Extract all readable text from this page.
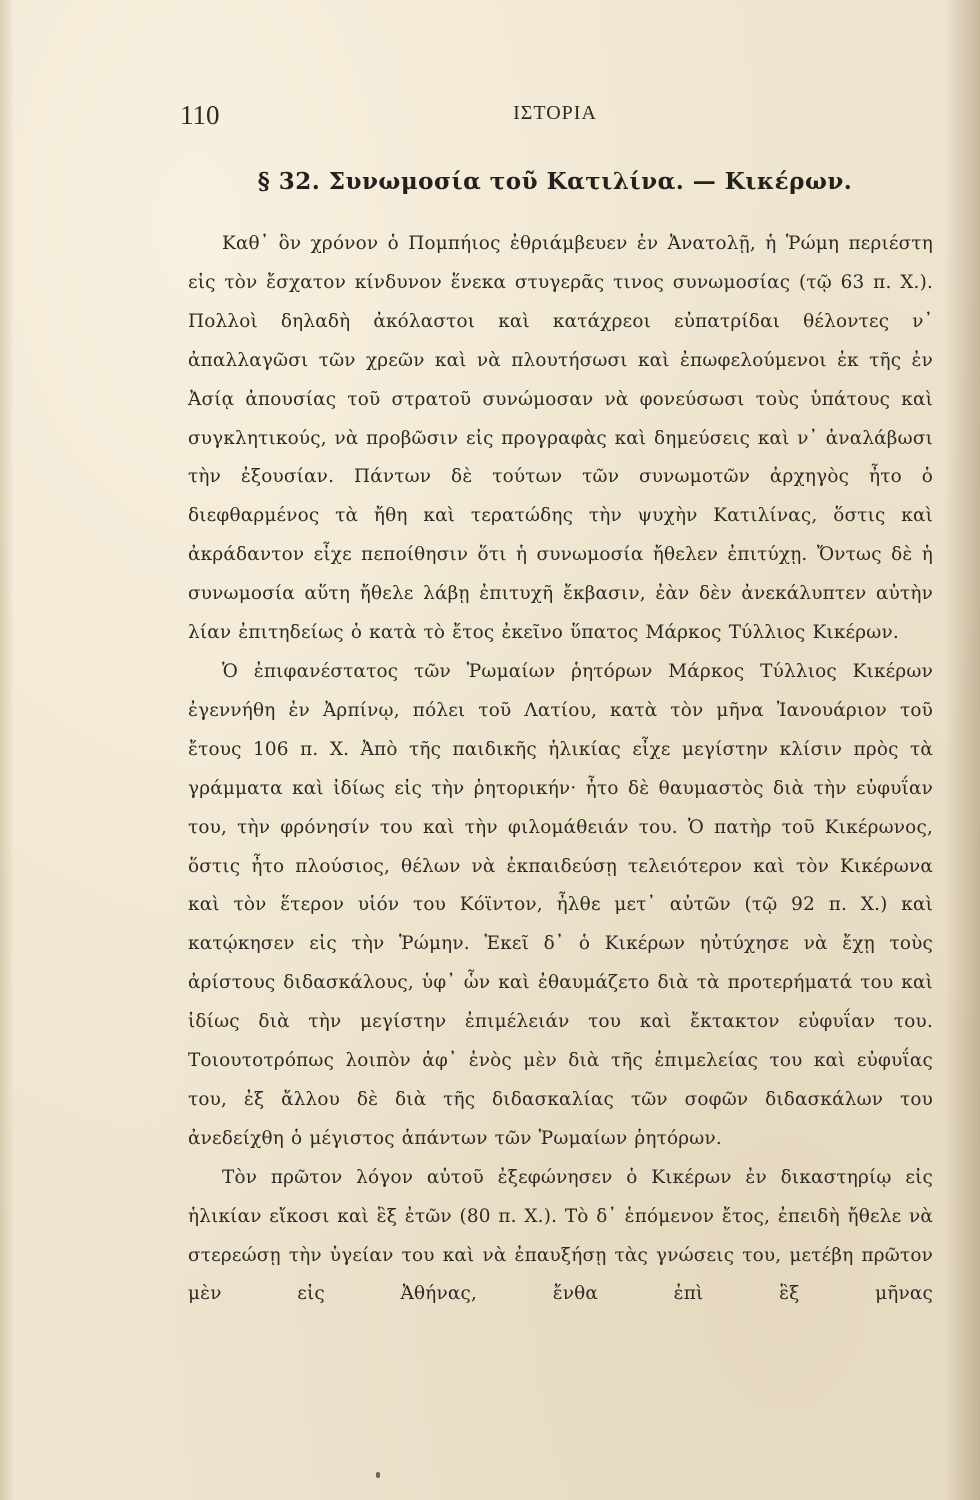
110	ΙΣΤΟΡΙΑ
§ 32. Συνωμοσία τοῦ Κατιλίνα. — Κικέρων.

Καθ᾽ ὃν χρόνον ὁ Πομπήιος ἐθριάμβευεν ἐν Ἀνατολῇ, ἡ Ῥώμη περιέστη εἰς τὸν ἔσχατον κίνδυνον ἕνεκα στυγερᾶς τινος συνωμοσίας (τῷ 63 π. Χ.). Πολλοὶ δηλαδὴ ἀκόλαστοι καὶ κατάχρεοι εὐπατρίδαι θέλοντες ν᾽ ἀπαλλαγῶσι τῶν χρεῶν καὶ νὰ πλουτήσωσι καὶ ἐπωφελούμενοι ἐκ τῆς ἐν Ἀσίᾳ ἀπουσίας τοῦ στρατοῦ συνώμοσαν νὰ φονεύσωσι τοὺς ὑπάτους καὶ συγκλητικούς, νὰ προβῶσιν εἰς προγραφὰς καὶ δημεύσεις καὶ ν᾽ ἀναλάβωσι τὴν ἐξουσίαν. Πάντων δὲ τούτων τῶν συνωμοτῶν ἀρχηγὸς ἦτο ὁ διεφθαρμένος τὰ ἤθη καὶ τερατώδης τὴν ψυχὴν Κατιλίνας, ὅστις καὶ ἀκράδαντον εἶχε πεποίθησιν ὅτι ἡ συνωμοσία ἤθελεν ἐπιτύχῃ. Ὄντως δὲ ἡ συνωμοσία αὕτη ἤθελε λάβῃ ἐπιτυχῆ ἔκβασιν, ἐὰν δὲν ἀνεκάλυπτεν αὐτὴν λίαν ἐπιτηδείως ὁ κατὰ τὸ ἔτος ἐκεῖνο ὕπατος Μάρκος Τύλλιος Κικέρων.

Ὁ ἐπιφανέστατος τῶν Ῥωμαίων ῥητόρων Μάρκος Τύλλιος Κικέρων ἐγεννήθη ἐν Ἀρπίνῳ, πόλει τοῦ Λατίου, κατὰ τὸν μῆνα Ἰανουάριον τοῦ ἔτους 106 π. Χ. Ἀπὸ τῆς παιδικῆς ἡλικίας εἶχε μεγίστην κλίσιν πρὸς τὰ γράμματα καὶ ἰδίως εἰς τὴν ῥητορικήν· ἦτο δὲ θαυμαστὸς διὰ τὴν εὐφυΐαν του, τὴν φρόνησίν του καὶ τὴν φιλομάθειάν του. Ὁ πατὴρ τοῦ Κικέρωνος, ὅστις ἦτο πλούσιος, θέλων νὰ ἐκπαιδεύσῃ τελειότερον καὶ τὸν Κικέρωνα καὶ τὸν ἕτερον υἱόν του Κόϊντον, ἦλθε μετ᾽ αὐτῶν (τῷ 92 π. Χ.) καὶ κατῴκησεν εἰς τὴν Ῥώμην. Ἐκεῖ δ᾽ ὁ Κικέρων ηὐτύχησε νὰ ἔχῃ τοὺς ἀρίστους διδασκάλους, ὑφ᾽ ὧν καὶ ἐθαυμάζετο διὰ τὰ προτερήματά του καὶ ἰδίως διὰ τὴν μεγίστην ἐπιμέλειάν του καὶ ἔκτακτον εὐφυΐαν του. Τοιουτοτρόπως λοιπὸν ἀφ᾽ ἑνὸς μὲν διὰ τῆς ἐπιμελείας του καὶ εὐφυΐας του, ἐξ ἄλλου δὲ διὰ τῆς διδασκαλίας τῶν σοφῶν διδασκάλων του ἀνεδείχθη ὁ μέγιστος ἁπάντων τῶν Ῥωμαίων ῥητόρων.

Τὸν πρῶτον λόγον αὐτοῦ ἐξεφώνησεν ὁ Κικέρων ἐν δικαστηρίῳ εἰς ἡλικίαν εἴκοσι καὶ ἓξ ἐτῶν (80 π. Χ.). Τὸ δ᾽ ἑπόμενον ἔτος, ἐπειδὴ ἤθελε νὰ στερεώσῃ τὴν ὑγείαν του καὶ νὰ ἐπαυξήσῃ τὰς γνώσεις του, μετέβη πρῶτον μὲν εἰς Ἀθήνας, ἔνθα ἐπὶ ἓξ μῆνας
